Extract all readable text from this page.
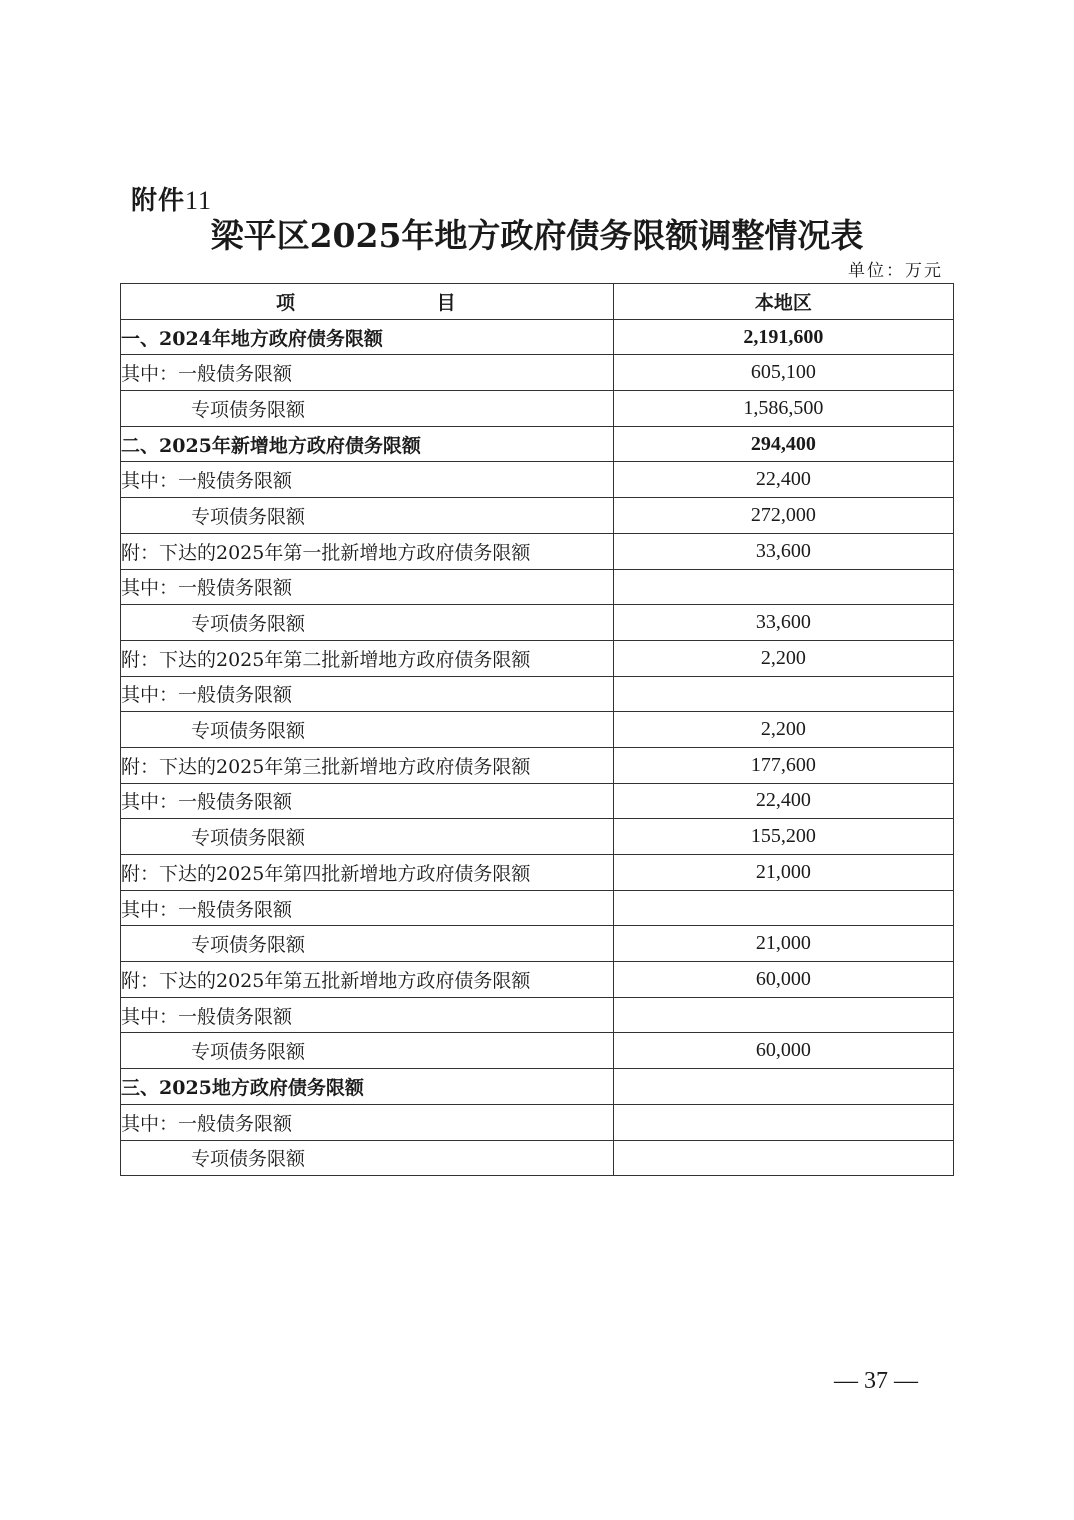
附件11
梁平区2025年地方政府债务限额调整情况表
单位：万元
项 目	本地区
一、2024年地方政府债务限额	2,191,600
其中：一般债务限额	605,100
专项债务限额	1,586,500
二、2025年新增地方政府债务限额	294,400
其中：一般债务限额	22,400
专项债务限额	272,000
附：下达的2025年第一批新增地方政府债务限额	33,600
其中：一般债务限额	
专项债务限额	33,600
附：下达的2025年第二批新增地方政府债务限额	2,200
其中：一般债务限额	
专项债务限额	2,200
附：下达的2025年第三批新增地方政府债务限额	177,600
其中：一般债务限额	22,400
专项债务限额	155,200
附：下达的2025年第四批新增地方政府债务限额	21,000
其中：一般债务限额	
专项债务限额	21,000
附：下达的2025年第五批新增地方政府债务限额	60,000
其中：一般债务限额	
专项债务限额	60,000
三、2025地方政府债务限额	
其中：一般债务限额	
专项债务限额	
— 37 —
